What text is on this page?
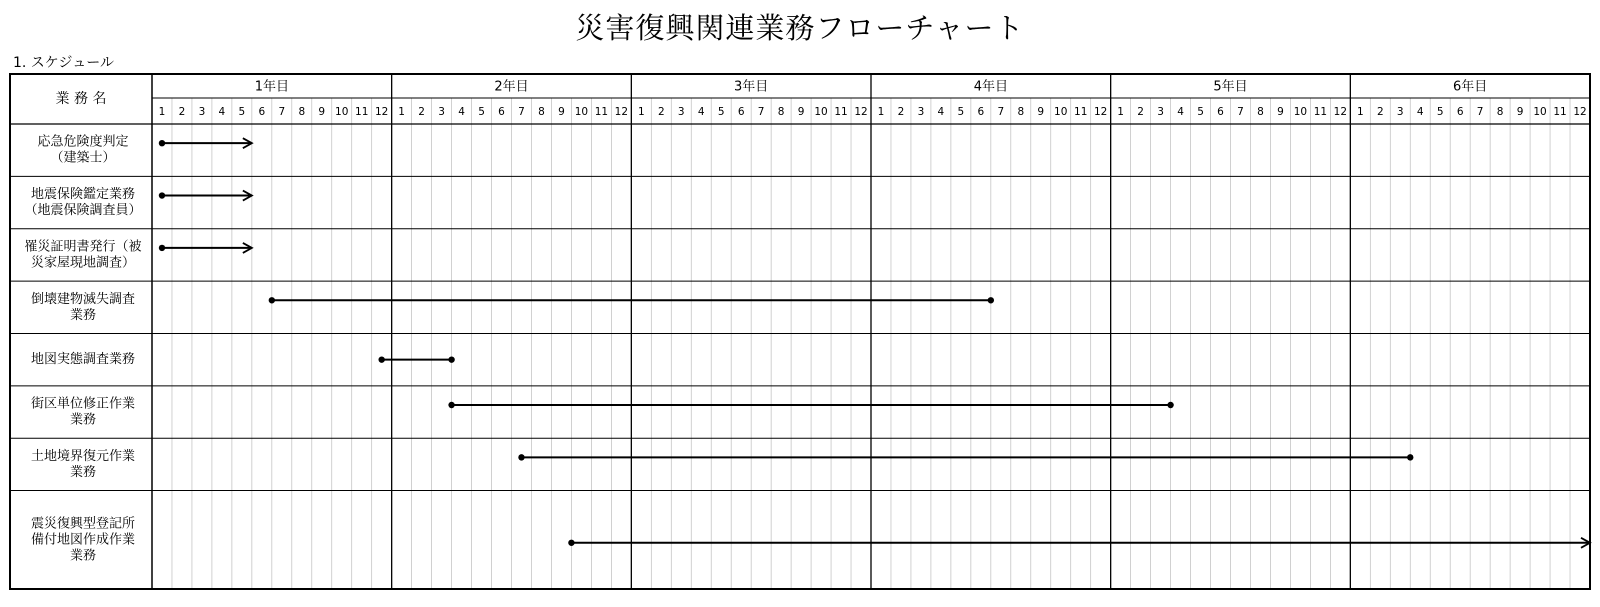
災害復興関連業務フローチャート
1. スケジュール
業 務 名
1年目
1 2 3 4 5 6 7 8 9 10 11 12
2年目
1 2 3 4 5 6 7 8 9 10 11 12
3年目
1 2 3 4 5 6 7 8 9 10 11 12
4年目
1 2 3 4 5 6 7 8 9 10 11 12
5年目
1 2 3 4 5 6 7 8 9 10 11 12
6年目
1 2 3 4 5 6 7 8 9 10 11 12
応急危険度判定
（建築士）
地震保険鑑定業務
（地震保険調査員）
罹災証明書発行（被
災家屋現地調査）
倒壊建物滅失調査
業務
地図実態調査業務
街区単位修正作業
業務
土地境界復元作業
業務
震災復興型登記所
備付地図作成作業
業務
